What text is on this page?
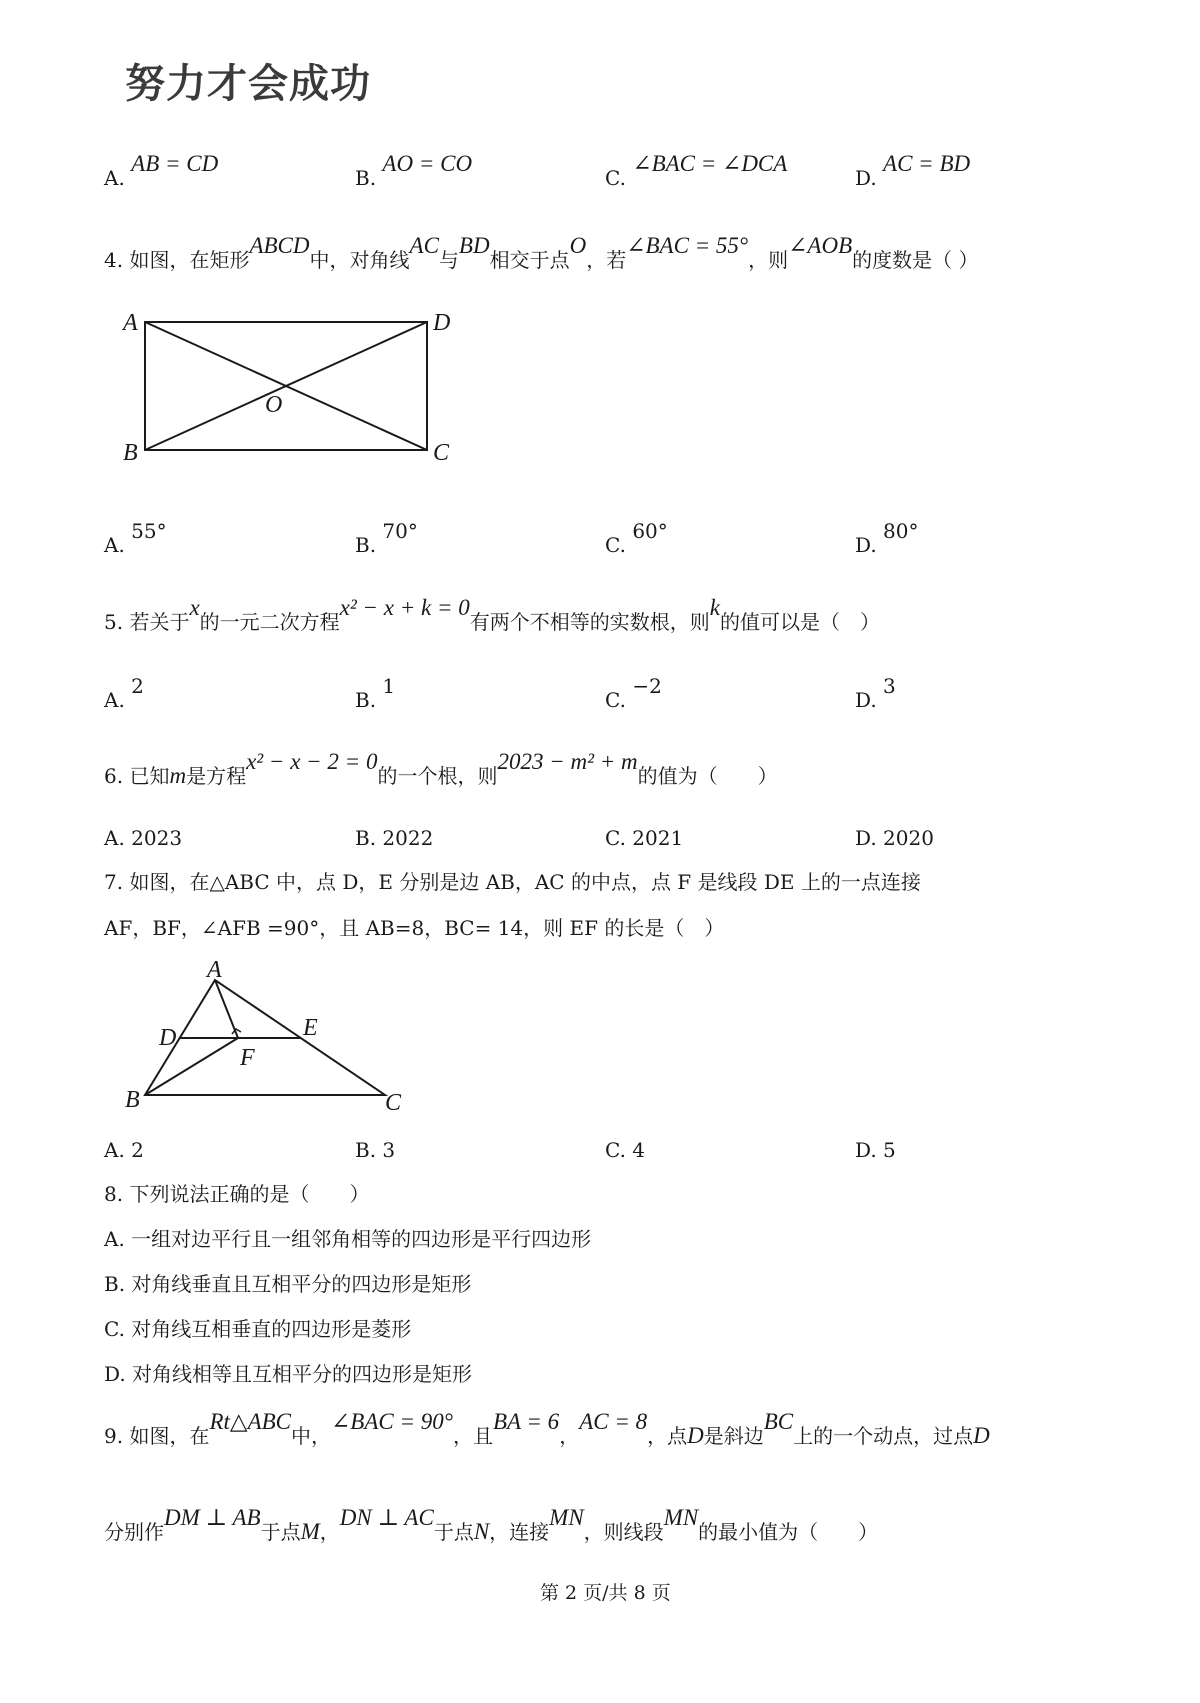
努力才会成功
A. AB = CD
B. AO = CO
C. ∠BAC = ∠DCA
D. AC = BD
4. 如图，在矩形ABCD中，对角线AC与BD相交于点O，若∠BAC = 55°，则∠AOB的度数是（ ）
A	D
B	C
O
A. 55°
B. 70°
C. 60°
D. 80°
5. 若关于x的一元二次方程x² − x + k = 0有两个不相等的实数根，则k的值可以是（　）
A. 2
B. 1
C. −2
D. 3
6. 已知m是方程x² − x − 2 = 0的一个根，则2023 − m² + m的值为（　　）
A. 2023	B. 2022	C. 2021	D. 2020
7. 如图，在△ABC 中，点 D，E 分别是边 AB，AC 的中点，点 F 是线段 DE 上的一点连接
AF，BF，∠AFB =90°，且 AB=8，BC= 14，则 EF 的长是（　）
A
D	E
F
B	C
A. 2	B. 3	C. 4	D. 5
8. 下列说法正确的是（　　）
A. 一组对边平行且一组邻角相等的四边形是平行四边形
B. 对角线垂直且互相平分的四边形是矩形
C. 对角线互相垂直的四边形是菱形
D. 对角线相等且互相平分的四边形是矩形
9. 如图，在Rt△ABC中，∠BAC = 90°，且BA = 6，AC = 8，点D是斜边BC上的一个动点，过点D
分别作DM ⊥ AB于点M，DN ⊥ AC于点N，连接MN，则线段MN的最小值为（　　）
第 2 页/共 8 页
